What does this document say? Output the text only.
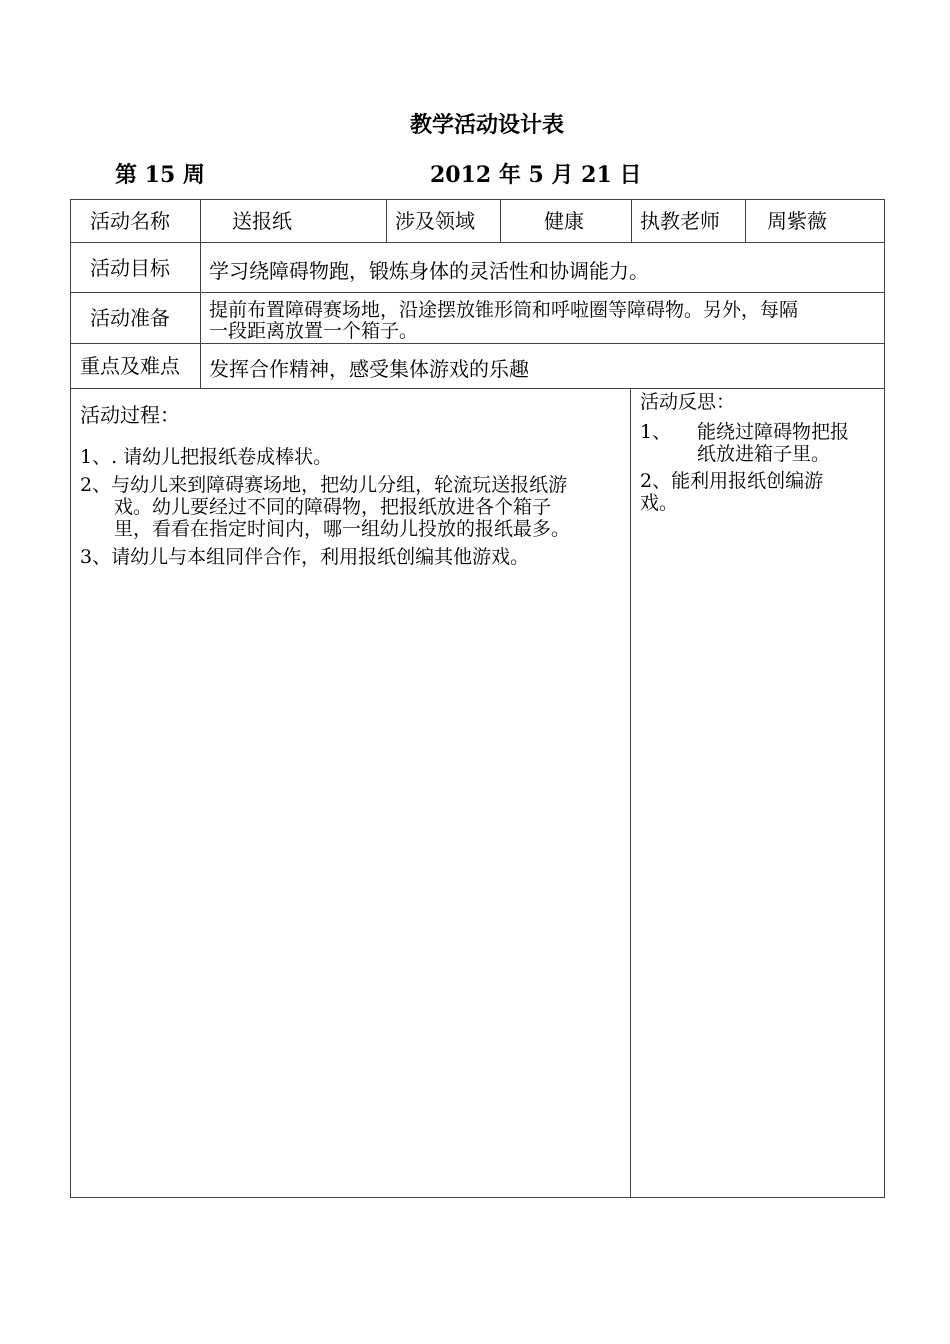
教学活动设计表
第 15 周	2012 年 5 月 21 日
活动名称	送报纸	涉及领域	健康	执教老师 周紫薇
活动目标 学习绕障碍物跑，锻炼身体的灵活性和协调能力。
活动准备 提前布置障碍赛场地，沿途摆放锥形筒和呼啦圈等障碍物。另外，每隔
一段距离放置一个箱子。
重点及难点 发挥合作精神，感受集体游戏的乐趣
活动过程：
1、. 请幼儿把报纸卷成棒状。
2、与幼儿来到障碍赛场地，把幼儿分组，轮流玩送报纸游
戏。幼儿要经过不同的障碍物，把报纸放进各个箱子
里，看看在指定时间内，哪一组幼儿投放的报纸最多。
3、请幼儿与本组同伴合作，利用报纸创编其他游戏。
活动反思：
1、 能绕过障碍物把报
纸放进箱子里。
2、能利用报纸创编游
戏。
